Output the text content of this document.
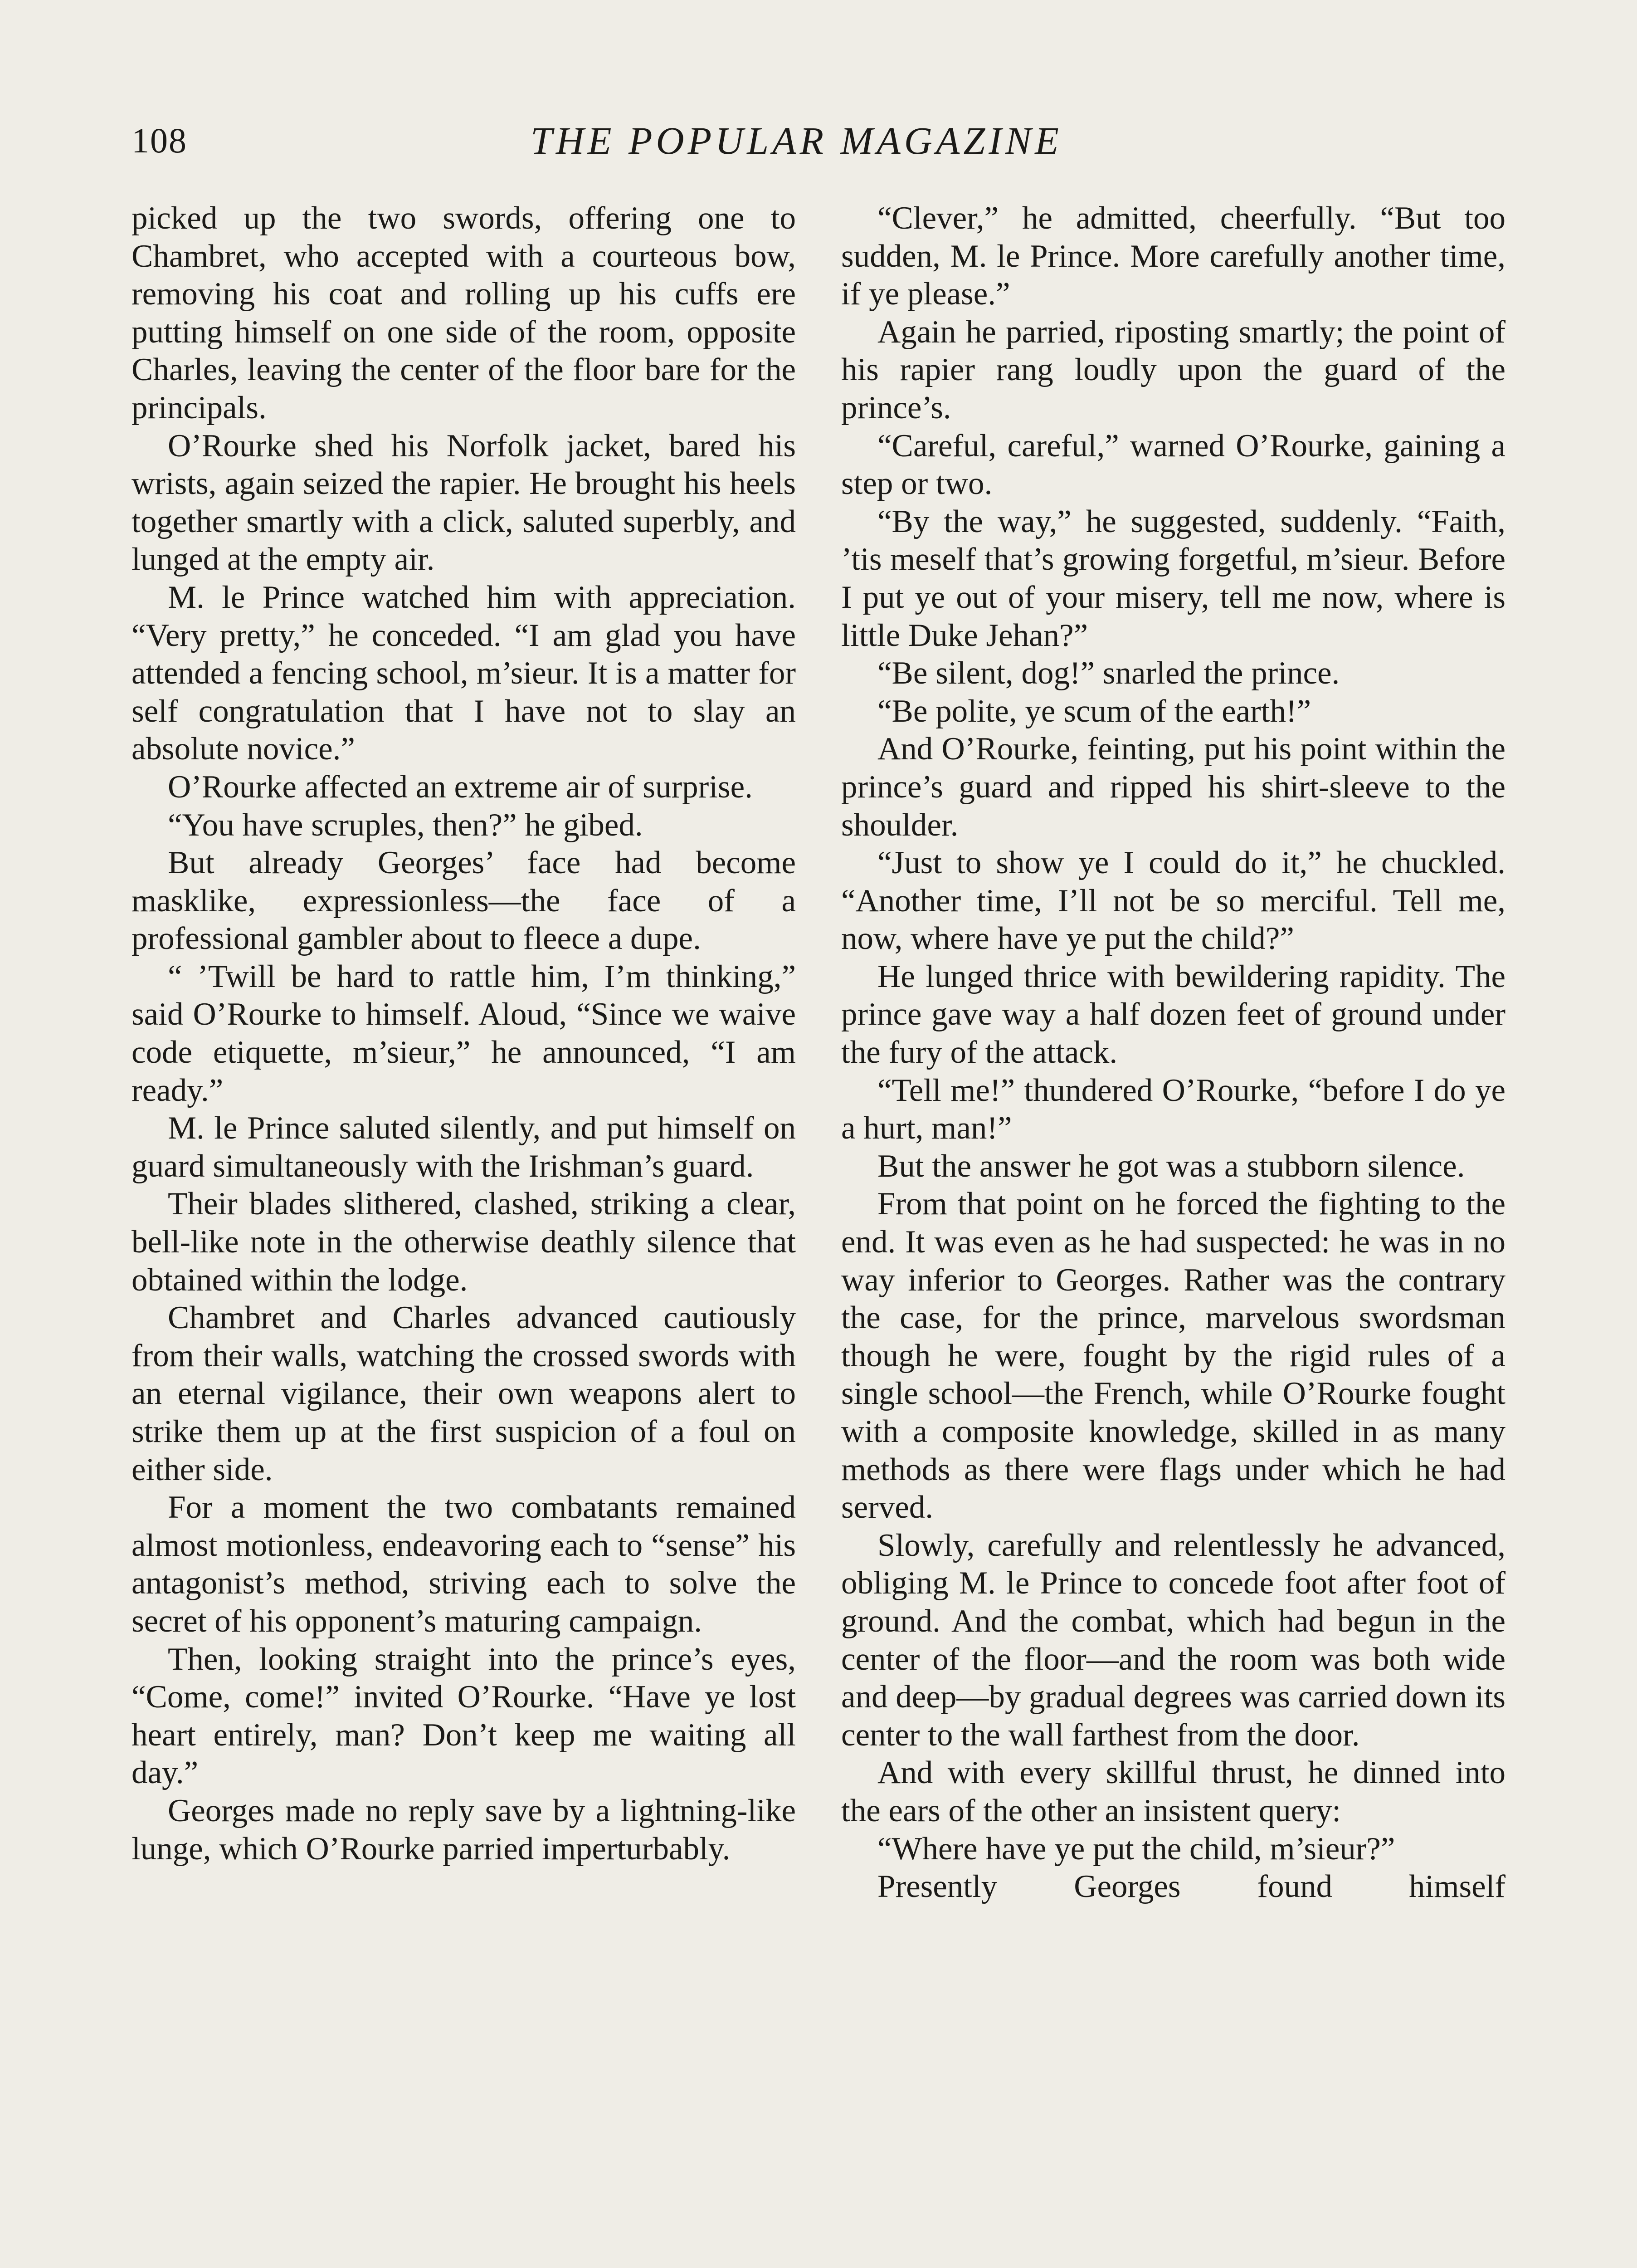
108	THE POPULAR MAGAZINE

picked up the two swords, offering one to Chambret, who accepted with a courteous bow, removing his coat and rolling up his cuffs ere putting himself on one side of the room, opposite Charles, leaving the center of the floor bare for the principals.

O’Rourke shed his Norfolk jacket, bared his wrists, again seized the rapier. He brought his heels together smartly with a click, saluted superbly, and lunged at the empty air.

M. le Prince watched him with appreciation. “Very pretty,” he conceded. “I am glad you have attended a fencing school, m’sieur. It is a matter for self congratulation that I have not to slay an absolute novice.”

O’Rourke affected an extreme air of surprise.

“You have scruples, then?” he gibed.

But already Georges’ face had become masklike, expressionless—the face of a professional gambler about to fleece a dupe.

“ ’Twill be hard to rattle him, I’m thinking,” said O’Rourke to himself. Aloud, “Since we waive code etiquette, m’sieur,” he announced, “I am ready.”

M. le Prince saluted silently, and put himself on guard simultaneously with the Irishman’s guard.

Their blades slithered, clashed, striking a clear, bell-like note in the otherwise deathly silence that obtained within the lodge.

Chambret and Charles advanced cautiously from their walls, watching the crossed swords with an eternal vigilance, their own weapons alert to strike them up at the first suspicion of a foul on either side.

For a moment the two combatants remained almost motionless, endeavoring each to “sense” his antagonist’s method, striving each to solve the secret of his opponent’s maturing campaign.

Then, looking straight into the prince’s eyes, “Come, come!” invited O’Rourke. “Have ye lost heart entirely, man? Don’t keep me waiting all day.”

Georges made no reply save by a lightning-like lunge, which O’Rourke parried imperturbably.

“Clever,” he admitted, cheerfully. “But too sudden, M. le Prince. More carefully another time, if ye please.”

Again he parried, riposting smartly; the point of his rapier rang loudly upon the guard of the prince’s.

“Careful, careful,” warned O’Rourke, gaining a step or two.

“By the way,” he suggested, suddenly. “Faith, ’tis meself that’s growing forgetful, m’sieur. Before I put ye out of your misery, tell me now, where is little Duke Jehan?”

“Be silent, dog!” snarled the prince.

“Be polite, ye scum of the earth!”

And O’Rourke, feinting, put his point within the prince’s guard and ripped his shirt-sleeve to the shoulder.

“Just to show ye I could do it,” he chuckled. “Another time, I’ll not be so merciful. Tell me, now, where have ye put the child?”

He lunged thrice with bewildering rapidity. The prince gave way a half dozen feet of ground under the fury of the attack.

“Tell me!” thundered O’Rourke, “before I do ye a hurt, man!”

But the answer he got was a stubborn silence.

From that point on he forced the fighting to the end. It was even as he had suspected: he was in no way inferior to Georges. Rather was the contrary the case, for the prince, marvelous swordsman though he were, fought by the rigid rules of a single school—the French, while O’Rourke fought with a composite knowledge, skilled in as many methods as there were flags under which he had served.

Slowly, carefully and relentlessly he advanced, obliging M. le Prince to concede foot after foot of ground. And the combat, which had begun in the center of the floor—and the room was both wide and deep—by gradual degrees was carried down its center to the wall farthest from the door.

And with every skillful thrust, he dinned into the ears of the other an insistent query:

“Where have ye put the child, m’sieur?”

Presently Georges found himself
